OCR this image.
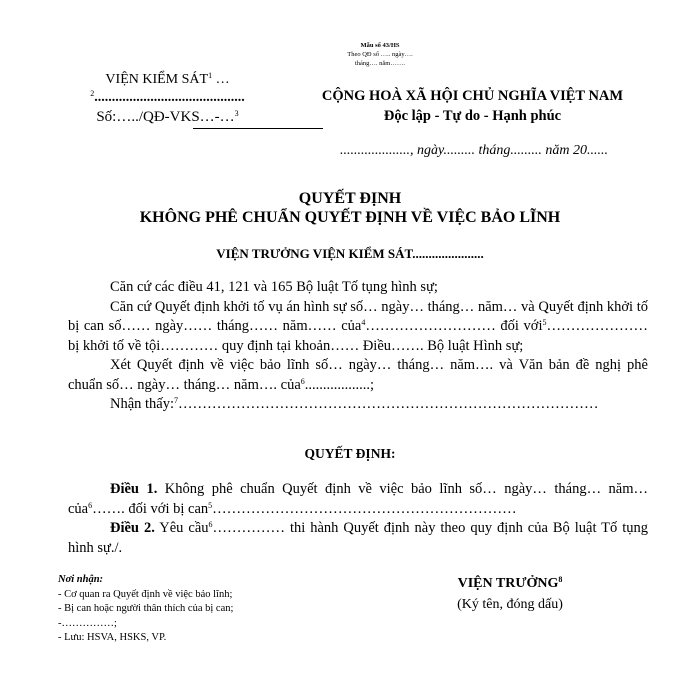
Mẫu số 43/HS
Theo QĐ số ….. ngày….
tháng…. năm…….
VIỆN KIỂM SÁT$^1$ …
$^2$...........................................
Số:…../QĐ-VKS…-…$^3$
CỘNG HOÀ XÃ HỘI CHỦ NGHĨA VIỆT NAM
Độc lập - Tự do - Hạnh phúc
...................., ngày......... tháng......... năm 20......
QUYẾT ĐỊNH
KHÔNG PHÊ CHUẨN QUYẾT ĐỊNH VỀ VIỆC BẢO LĨNH
VIỆN TRƯỞNG VIỆN KIỂM SÁT......................
Căn cứ các điều 41, 121 và 165 Bộ luật Tố tụng hình sự;
Căn cứ Quyết định khởi tố vụ án hình sự số… ngày… tháng… năm… và Quyết định khởi tố bị can số…… ngày…… tháng…… năm…… của$^4$……………………… đối với$^5$………………… bị khởi tố về tội………… quy định tại khoản…… Điều……. Bộ luật Hình sự;
Xét Quyết định về việc bảo lĩnh số… ngày… tháng… năm…. và Văn bản đề nghị phê chuẩn số… ngày… tháng… năm…. của$^6$..................;
Nhận thấy:$^7$……………………………………………………………………………
QUYẾT ĐỊNH:
Điều 1. Không phê chuẩn Quyết định về việc bảo lĩnh số… ngày… tháng… năm… của$^6$……. đối với bị can$^5$………………………………………………………
Điều 2. Yêu cầu$^6$…………… thi hành Quyết định này theo quy định của Bộ luật Tố tụng hình sự./.
Nơi nhận:
- Cơ quan ra Quyết định về việc bảo lĩnh;
- Bị can hoặc người thân thích của bị can;
-……………;
- Lưu: HSVA, HSKS, VP.
VIỆN TRƯỞNG$^8$
(Ký tên, đóng dấu)
